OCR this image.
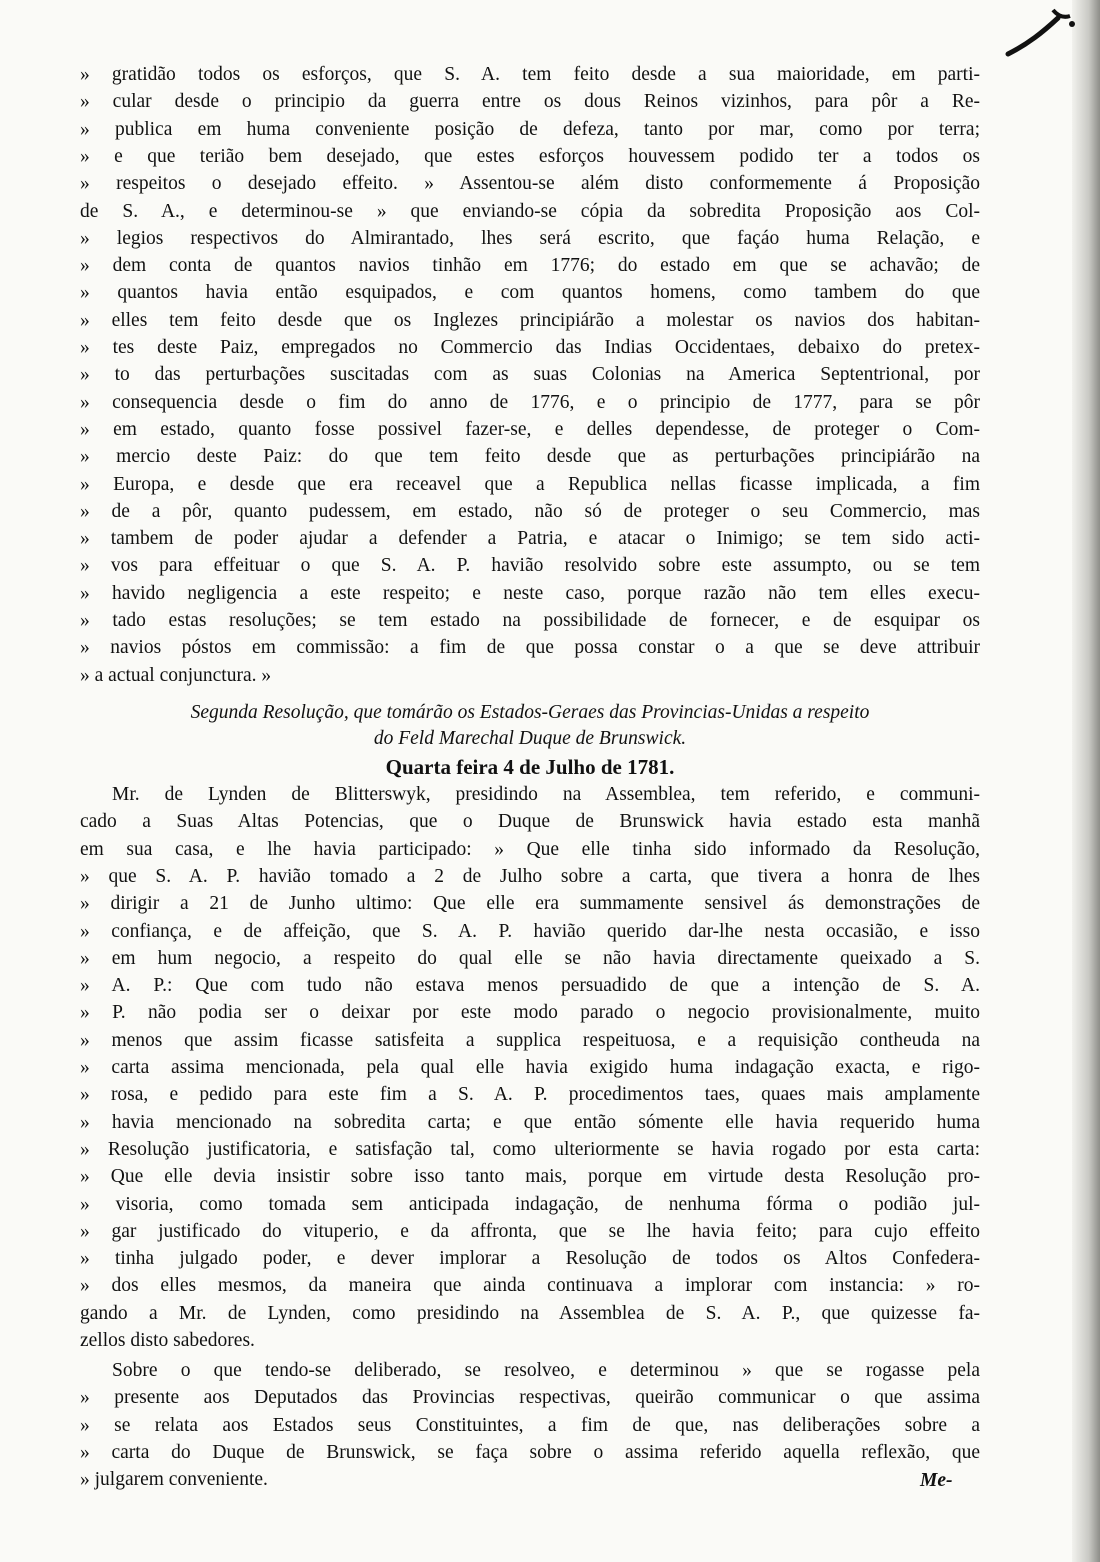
» gratidão todos os esforços, que S. A. tem feito desde a sua maioridade, em parti-
» cular desde o principio da guerra entre os dous Reinos vizinhos, para pôr a Re-
» publica em huma conveniente posição de defeza, tanto por mar, como por terra;
» e que terião bem desejado, que estes esforços houvessem podido ter a todos os
» respeitos o desejado effeito. » Assentou-se além disto conformemente á Proposição
de S. A., e determinou-se » que enviando-se cópia da sobredita Proposição aos Col-
» legios respectivos do Almirantado, lhes será escrito, que façáo huma Relação, e
» dem conta de quantos navios tinhão em 1776; do estado em que se achavão; de
» quantos havia então esquipados, e com quantos homens, como tambem do que
» elles tem feito desde que os Inglezes principiárão a molestar os navios dos habitan-
» tes deste Paiz, empregados no Commercio das Indias Occidentaes, debaixo do pretex-
» to das perturbações suscitadas com as suas Colonias na America Septentrional, por
» consequencia desde o fim do anno de 1776, e o principio de 1777, para se pôr
» em estado, quanto fosse possivel fazer-se, e delles dependesse, de proteger o Com-
» mercio deste Paiz: do que tem feito desde que as perturbações principiárão na
» Europa, e desde que era receavel que a Republica nellas ficasse implicada, a fim
» de a pôr, quanto pudessem, em estado, não só de proteger o seu Commercio, mas
» tambem de poder ajudar a defender a Patria, e atacar o Inimigo; se tem sido acti-
» vos para effeituar o que S. A. P. havião resolvido sobre este assumpto, ou se tem
» havido negligencia a este respeito; e neste caso, porque razão não tem elles execu-
» tado estas resoluções; se tem estado na possibilidade de fornecer, e de esquipar os
» navios póstos em commissão: a fim de que possa constar o a que se deve attribuir
» a actual conjunctura. »
Segunda Resolução, que tomárão os Estados-Geraes das Provincias-Unidas a respeito
do Feld Marechal Duque de Brunswick.
Quarta feira 4 de Julho de 1781.
Mr. de Lynden de Blitterswyk, presidindo na Assemblea, tem referido, e communi-
cado a Suas Altas Potencias, que o Duque de Brunswick havia estado esta manhã
em sua casa, e lhe havia participado: » Que elle tinha sido informado da Resolução,
» que S. A. P. havião tomado a 2 de Julho sobre a carta, que tivera a honra de lhes
» dirigir a 21 de Junho ultimo: Que elle era summamente sensivel ás demonstrações de
» confiança, e de affeição, que S. A. P. havião querido dar-lhe nesta occasião, e isso
» em hum negocio, a respeito do qual elle se não havia directamente queixado a S.
» A. P.: Que com tudo não estava menos persuadido de que a intenção de S. A.
» P. não podia ser o deixar por este modo parado o negocio provisionalmente, muito
» menos que assim ficasse satisfeita a supplica respeituosa, e a requisição contheuda na
» carta assima mencionada, pela qual elle havia exigido huma indagação exacta, e rigo-
» rosa, e pedido para este fim a S. A. P. procedimentos taes, quaes mais amplamente
» havia mencionado na sobredita carta; e que então sómente elle havia requerido huma
» Resolução justificatoria, e satisfação tal, como ulteriormente se havia rogado por esta carta:
» Que elle devia insistir sobre isso tanto mais, porque em virtude desta Resolução pro-
» visoria, como tomada sem anticipada indagação, de nenhuma fórma o podião jul-
» gar justificado do vituperio, e da affronta, que se lhe havia feito; para cujo effeito
» tinha julgado poder, e dever implorar a Resolução de todos os Altos Confedera-
» dos elles mesmos, da maneira que ainda continuava a implorar com instancia: » ro-
gando a Mr. de Lynden, como presidindo na Assemblea de S. A. P., que quizesse fa-
zellos disto sabedores.
Sobre o que tendo-se deliberado, se resolveo, e determinou » que se rogasse pela
» presente aos Deputados das Provincias respectivas, queirão communicar o que assima
» se relata aos Estados seus Constituintes, a fim de que, nas deliberações sobre a
» carta do Duque de Brunswick, se faça sobre o assima referido aquella reflexão, que
» julgarem conveniente.	Me-
